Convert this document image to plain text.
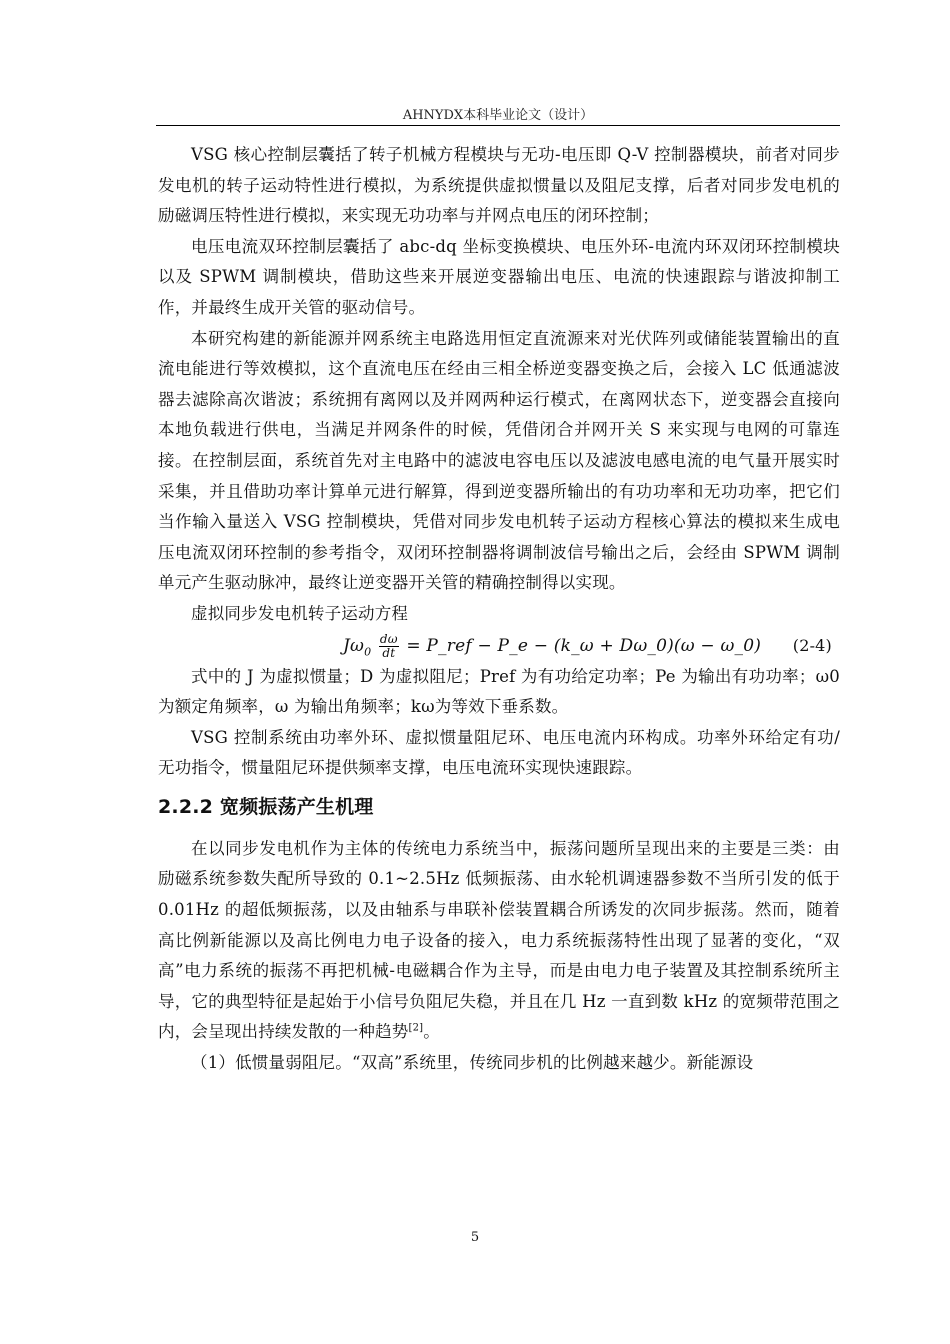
AHNYDX本科毕业论文（设计）

VSG 核心控制层囊括了转子机械方程模块与无功-电压即 Q-V 控制器模块，前者对同步发电机的转子运动特性进行模拟，为系统提供虚拟惯量以及阻尼支撑，后者对同步发电机的励磁调压特性进行模拟，来实现无功功率与并网点电压的闭环控制；

电压电流双环控制层囊括了 abc-dq 坐标变换模块、电压外环-电流内环双闭环控制模块以及 SPWM 调制模块，借助这些来开展逆变器输出电压、电流的快速跟踪与谐波抑制工作，并最终生成开关管的驱动信号。

本研究构建的新能源并网系统主电路选用恒定直流源来对光伏阵列或储能装置输出的直流电能进行等效模拟，这个直流电压在经由三相全桥逆变器变换之后，会接入 LC 低通滤波器去滤除高次谐波；系统拥有离网以及并网两种运行模式，在离网状态下，逆变器会直接向本地负载进行供电，当满足并网条件的时候，凭借闭合并网开关 S 来实现与电网的可靠连接。在控制层面，系统首先对主电路中的滤波电容电压以及滤波电感电流的电气量开展实时采集，并且借助功率计算单元进行解算，得到逆变器所输出的有功功率和无功功率，把它们当作输入量送入 VSG 控制模块，凭借对同步发电机转子运动方程核心算法的模拟来生成电压电流双闭环控制的参考指令，双闭环控制器将调制波信号输出之后，会经由 SPWM 调制单元产生驱动脉冲，最终让逆变器开关管的精确控制得以实现。

虚拟同步发电机转子运动方程

$J\omega_0 \frac{d\omega}{dt}$ = P_ref − P_e − (k_ω + Dω_0)(ω − ω_0) (2-4)

式中的 J 为虚拟惯量；D 为虚拟阻尼；Pref 为有功给定功率；Pe 为输出有功功率；ω0 为额定角频率，ω 为输出角频率；kω为等效下垂系数。

VSG 控制系统由功率外环、虚拟惯量阻尼环、电压电流内环构成。功率外环给定有功/无功指令，惯量阻尼环提供频率支撑，电压电流环实现快速跟踪。

2.2.2 宽频振荡产生机理

在以同步发电机作为主体的传统电力系统当中，振荡问题所呈现出来的主要是三类：由励磁系统参数失配所导致的 0.1~2.5Hz 低频振荡、由水轮机调速器参数不当所引发的低于 0.01Hz 的超低频振荡，以及由轴系与串联补偿装置耦合所诱发的次同步振荡。然而，随着高比例新能源以及高比例电力电子设备的接入，电力系统振荡特性出现了显著的变化，“双高”电力系统的振荡不再把机械-电磁耦合作为主导，而是由电力电子装置及其控制系统所主导，它的典型特征是起始于小信号负阻尼失稳，并且在几 Hz 一直到数 kHz 的宽频带范围之内，会呈现出持续发散的一种趋势[2]。

（1）低惯量弱阻尼。“双高”系统里，传统同步机的比例越来越少。新能源设

5
